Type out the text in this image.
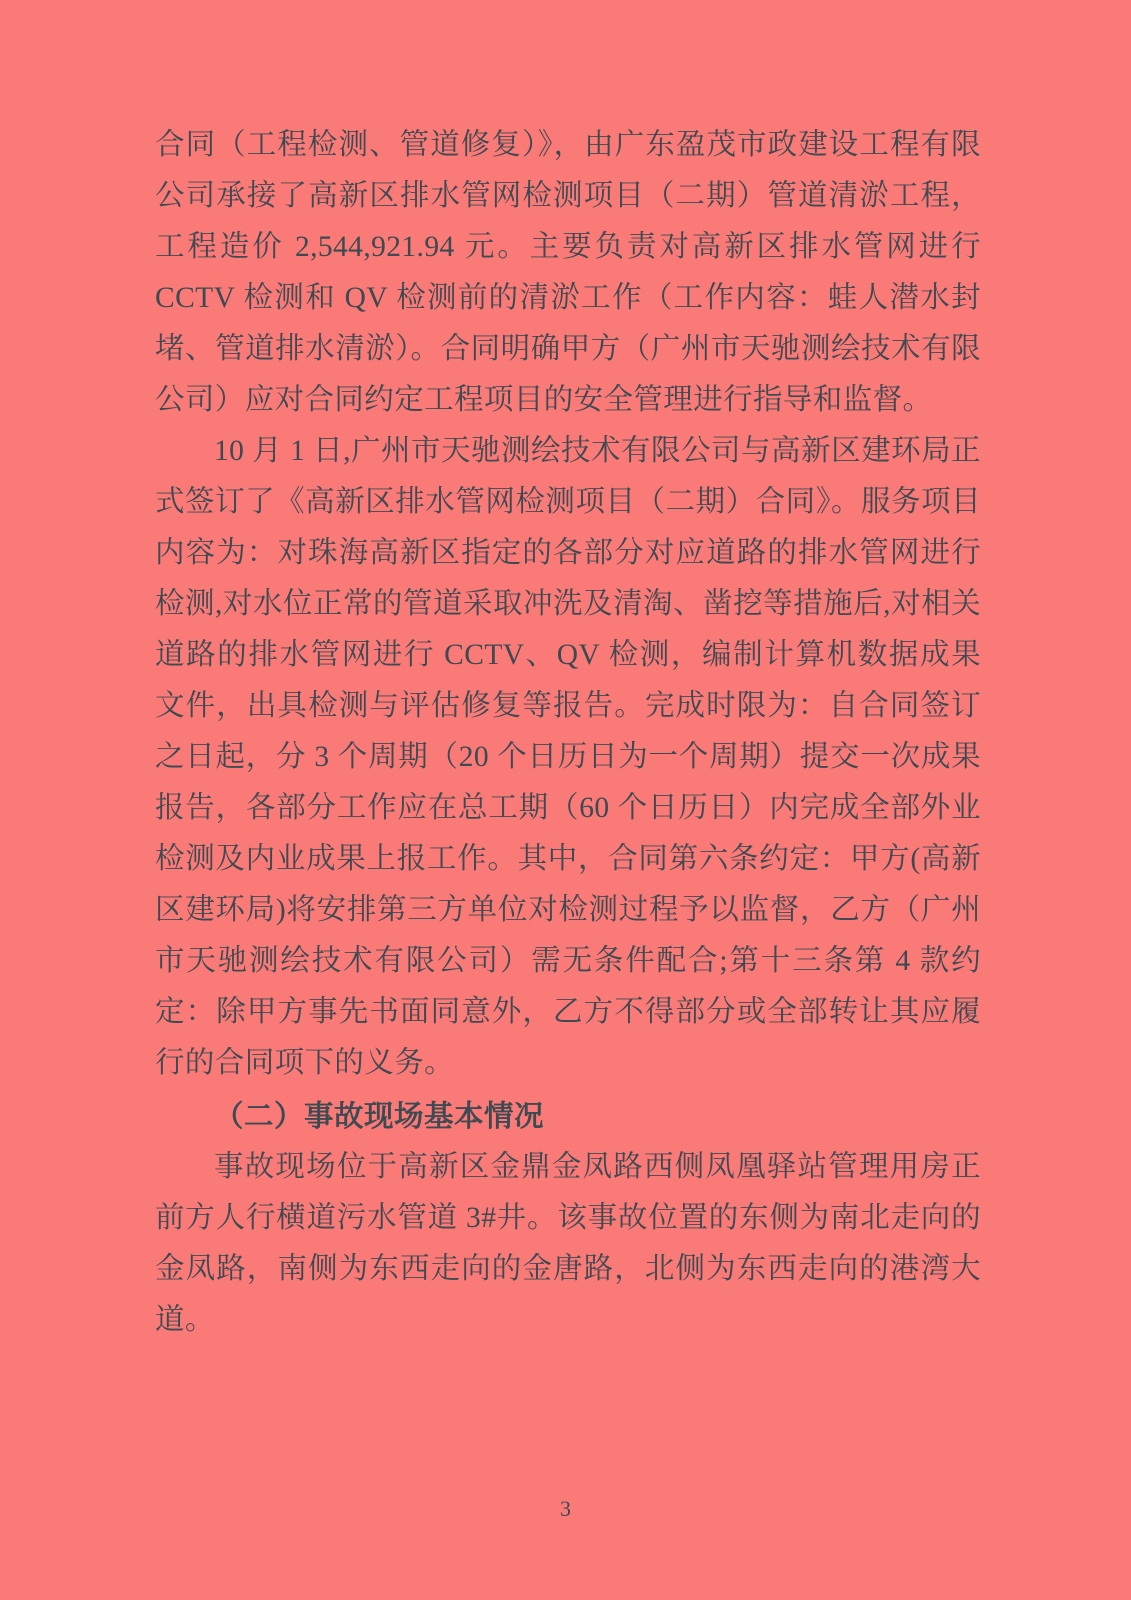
合同（工程检测、管道修复）》，由广东盈茂市政建设工程有限公司承接了高新区排水管网检测项目（二期）管道清淤工程，工程造价 2,544,921.94 元。主要负责对高新区排水管网进行 CCTV 检测和 QV 检测前的清淤工作（工作内容：蛙人潜水封堵、管道排水清淤）。合同明确甲方（广州市天驰测绘技术有限公司）应对合同约定工程项目的安全管理进行指导和监督。

10 月 1 日,广州市天驰测绘技术有限公司与高新区建环局正式签订了《高新区排水管网检测项目（二期）合同》。服务项目内容为：对珠海高新区指定的各部分对应道路的排水管网进行检测,对水位正常的管道采取冲洗及清淘、凿挖等措施后,对相关道路的排水管网进行 CCTV、QV 检测，编制计算机数据成果文件，出具检测与评估修复等报告。完成时限为：自合同签订之日起，分 3 个周期（20 个日历日为一个周期）提交一次成果报告，各部分工作应在总工期（60 个日历日）内完成全部外业检测及内业成果上报工作。其中，合同第六条约定：甲方(高新区建环局)将安排第三方单位对检测过程予以监督，乙方（广州市天驰测绘技术有限公司）需无条件配合;第十三条第 4 款约定：除甲方事先书面同意外，乙方不得部分或全部转让其应履行的合同项下的义务。

（二）事故现场基本情况

事故现场位于高新区金鼎金凤路西侧凤凰驿站管理用房正前方人行横道污水管道 3#井。该事故位置的东侧为南北走向的金凤路，南侧为东西走向的金唐路，北侧为东西走向的港湾大道。

3
